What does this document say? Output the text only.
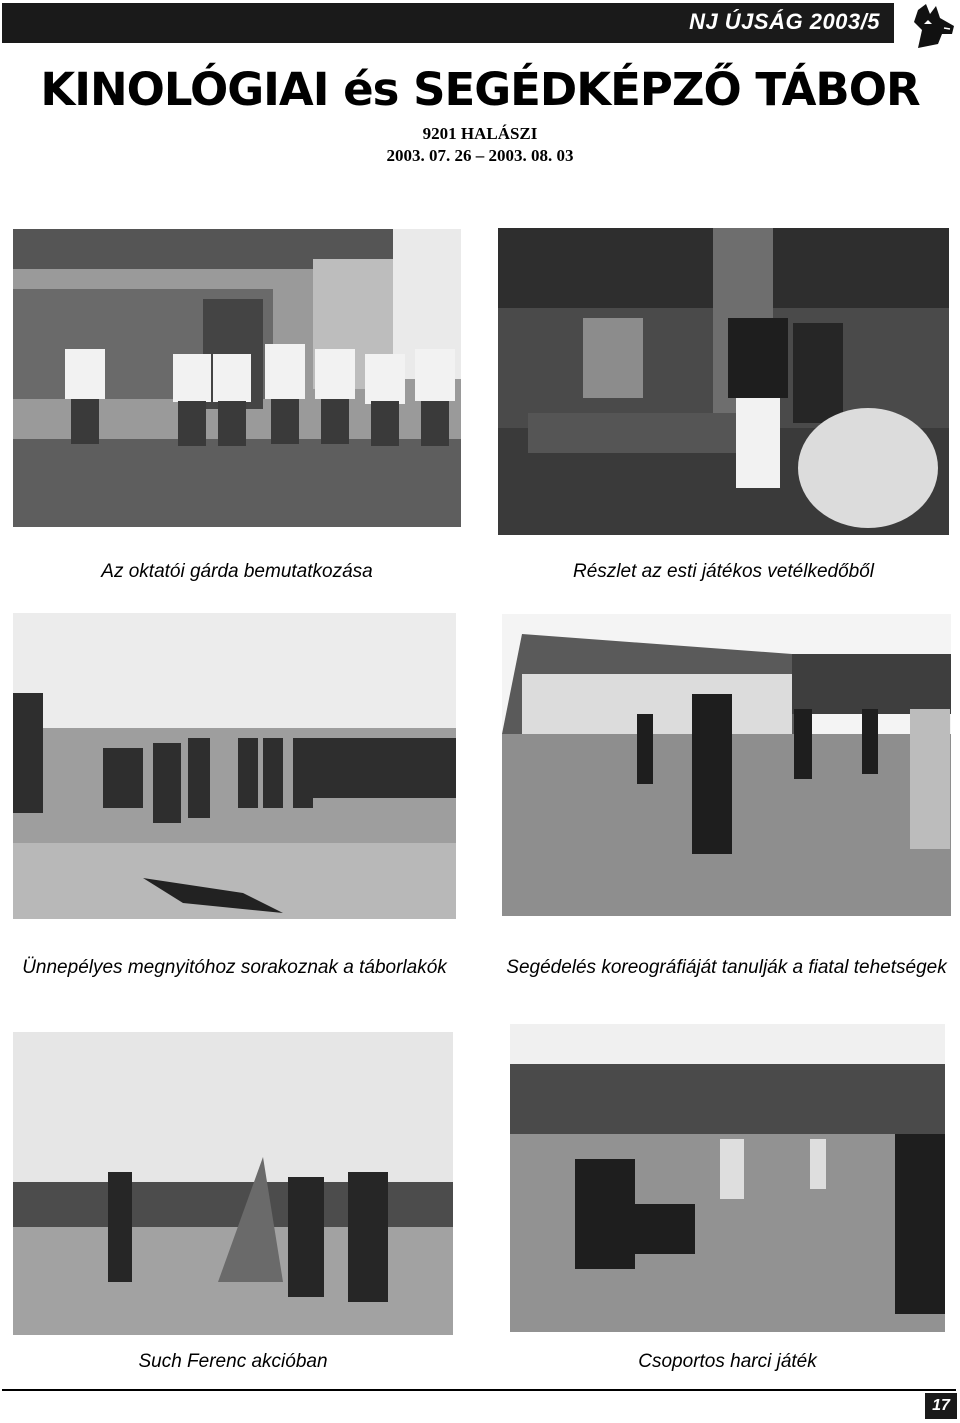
NJ ÚJSÁG 2003/5
KINOLÓGIAI és SEGÉDKÉPZŐ TÁBOR
9201 HALÁSZI
2003. 07. 26 – 2003. 08. 03
Az oktatói gárda bemutatkozása	Részlet az esti játékos vetélkedőből
Ünnepélyes megnyitóhoz sorakoznak a táborlakók	Segédelés koreográfiáját tanulják a fiatal tehetségek
Such Ferenc akcióban	Csoportos harci játék
17
